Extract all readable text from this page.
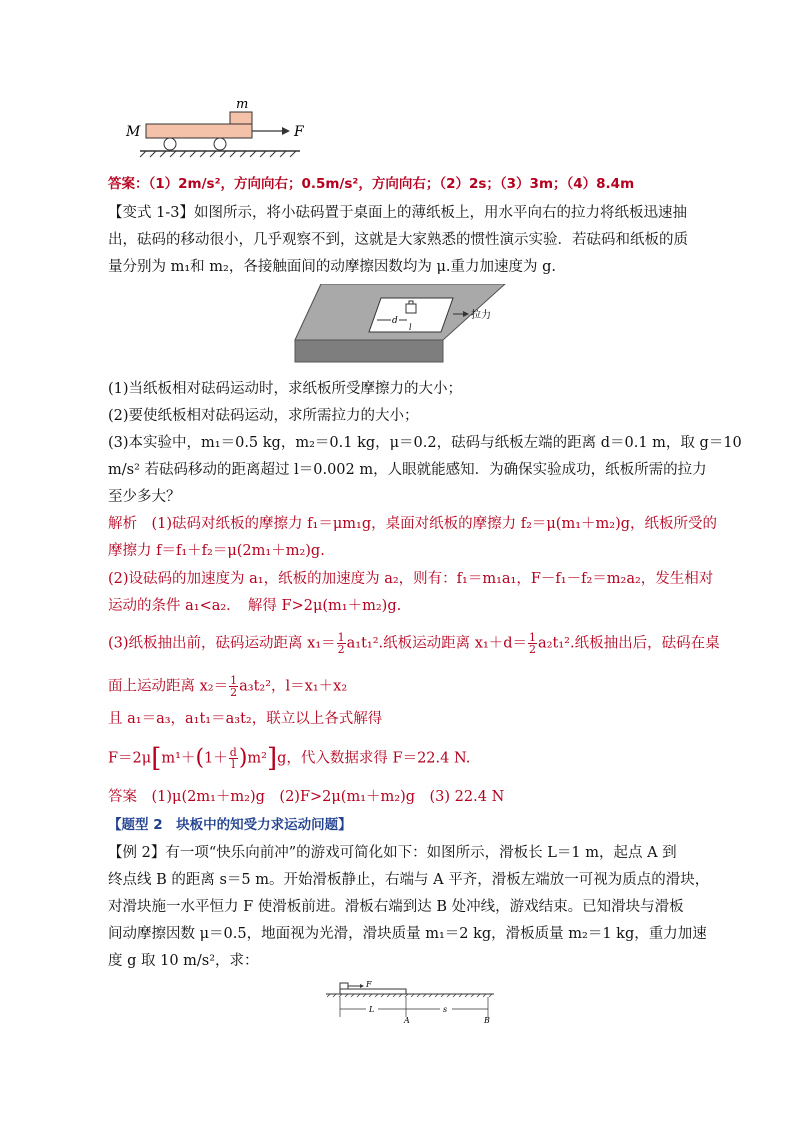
m
M	F
答案：（1）2m/s²，方向向右；0.5m/s²，方向向右；（2）2s；（3）3m；（4）8.4m
【变式 1-3】如图所示，将小砝码置于桌面上的薄纸板上，用水平向右的拉力将纸板迅速抽
出，砝码的移动很小，几乎观察不到，这就是大家熟悉的惯性演示实验．若砝码和纸板的质
量分别为 m₁和 m₂，各接触面间的动摩擦因数均为 μ.重力加速度为 g.
d
l
拉力
(1)当纸板相对砝码运动时，求纸板所受摩擦力的大小；
(2)要使纸板相对砝码运动，求所需拉力的大小；
(3)本实验中，m₁＝0.5 kg，m₂＝0.1 kg，μ＝0.2，砝码与纸板左端的距离 d＝0.1 m，取 g＝10
m/s² 若砝码移动的距离超过 l＝0.002 m，人眼就能感知．为确保实验成功，纸板所需的拉力
至少多大？
解析　(1)砝码对纸板的摩擦力 f₁＝μm₁g，桌面对纸板的摩擦力 f₂＝μ(m₁＋m₂)g，纸板所受的
摩擦力 f＝f₁＋f₂＝μ(2m₁＋m₂)g.
(2)设砝码的加速度为 a₁，纸板的加速度为 a₂，则有：f₁＝m₁a₁，F－f₁－f₂＝m₂a₂，发生相对
运动的条件 a₁<a₂．　解得 F>2μ(m₁＋m₂)g.
(3)纸板抽出前，砝码运动距离 $x_1= \frac{1}{2} a_1t_1^2$.纸板运动距离 $x_1+d= \frac{1}{2} a_2t_1^2$.纸板抽出后，砝码在桌
面上运动距离 $x_2= \frac{1}{2} a_3t_2^2$，l＝x₁＋x₂
且 a₁＝a₃，a₁t₁＝a₃t₂，联立以上各式解得
$F=2\mu[m^1+(1+ \frac{d}{l} )m^2]g$，代入数据求得 F＝22.4 N.
答案　(1)μ(2m₁＋m₂)g　(2)F>2μ(m₁＋m₂)g　(3) 22.4 N
【题型 2　块板中的知受力求运动问题】
【例 2】有一项“快乐向前冲”的游戏可简化如下：如图所示，滑板长 L＝1 m，起点 A 到
终点线 B 的距离 s＝5 m。开始滑板静止，右端与 A 平齐，滑板左端放一可视为质点的滑块，
对滑块施一水平恒力 F 使滑板前进。滑板右端到达 B 处冲线，游戏结束。已知滑块与滑板
间动摩擦因数 μ＝0.5，地面视为光滑，滑块质量 m₁＝2 kg，滑板质量 m₂＝1 kg，重力加速
度 g 取 10 m/s²，求：
F
L	s
A	B
